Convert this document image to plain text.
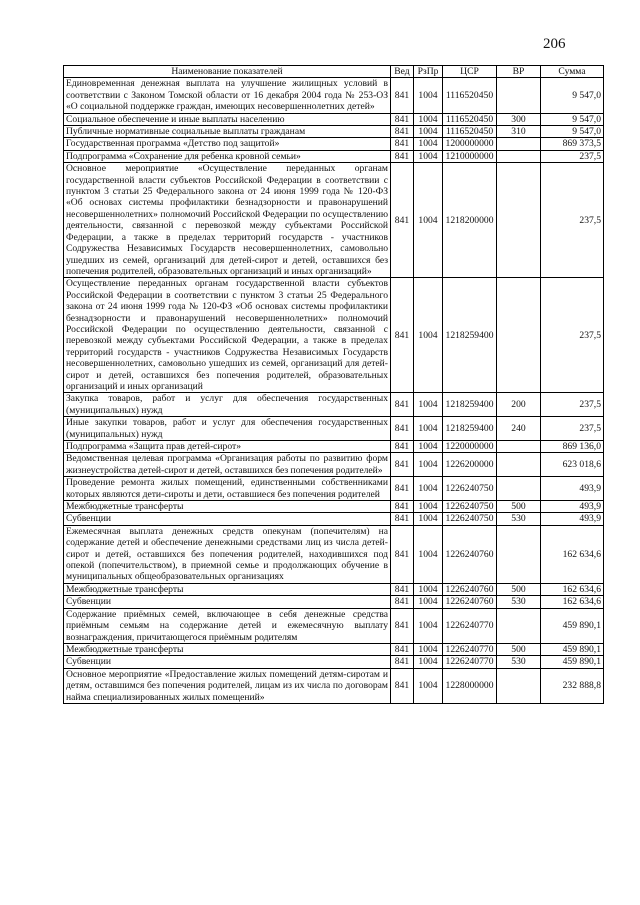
206
Наименование показателей	Вед	РзПр	ЦСР	ВР	Сумма
Единовременная денежная выплата на улучшение жилищных условий в соответствии с Законом Томской области от 16 декабря 2004 года № 253-ОЗ «О социальной поддержке граждан, имеющих несовершеннолетних детей»	841	1004	1116520450		9 547,0
Социальное обеспечение и иные выплаты населению	841	1004	1116520450	300	9 547,0
Публичные нормативные социальные выплаты гражданам	841	1004	1116520450	310	9 547,0
Государственная программа «Детство под защитой»	841	1004	1200000000		869 373,5
Подпрограмма «Сохранение для ребенка кровной семьи»	841	1004	1210000000		237,5
Основное мероприятие «Осуществление переданных органам государственной власти субъектов Российской Федерации в соответствии с пунктом 3 статьи 25 Федерального закона от 24 июня 1999 года № 120-ФЗ «Об основах системы профилактики безнадзорности и правонарушений несовершеннолетних» полномочий Российской Федерации по осуществлению деятельности, связанной с перевозкой между субъектами Российской Федерации, а также в пределах территорий государств - участников Содружества Независимых Государств несовершеннолетних, самовольно ушедших из семей, организаций для детей-сирот и детей, оставшихся без попечения родителей, образовательных организаций и иных организаций»	841	1004	1218200000		237,5
Осуществление переданных органам государственной власти субъектов Российской Федерации в соответствии с пунктом 3 статьи 25 Федерального закона от 24 июня 1999 года № 120-ФЗ «Об основах системы профилактики безнадзорности и правонарушений несовершеннолетних» полномочий Российской Федерации по осуществлению деятельности, связанной с перевозкой между субъектами Российской Федерации, а также в пределах территорий государств - участников Содружества Независимых Государств несовершеннолетних, самовольно ушедших из семей, организаций для детей-сирот и детей, оставшихся без попечения родителей, образовательных организаций и иных организаций	841	1004	1218259400		237,5
Закупка товаров, работ и услуг для обеспечения государственных (муниципальных) нужд	841	1004	1218259400	200	237,5
Иные закупки товаров, работ и услуг для обеспечения государственных (муниципальных) нужд	841	1004	1218259400	240	237,5
Подпрограмма «Защита прав детей-сирот»	841	1004	1220000000		869 136,0
Ведомственная целевая программа «Организация работы по развитию форм жизнеустройства детей-сирот и детей, оставшихся без попечения родителей»	841	1004	1226200000		623 018,6
Проведение ремонта жилых помещений, единственными собственниками которых являются дети-сироты и дети, оставшиеся без попечения родителей	841	1004	1226240750		493,9
Межбюджетные трансферты	841	1004	1226240750	500	493,9
Субвенции	841	1004	1226240750	530	493,9
Ежемесячная выплата денежных средств опекунам (попечителям) на содержание детей и обеспечение денежными средствами лиц из числа детей-сирот и детей, оставшихся без попечения родителей, находившихся под опекой (попечительством), в приемной семье и продолжающих обучение в муниципальных общеобразовательных организациях	841	1004	1226240760		162 634,6
Межбюджетные трансферты	841	1004	1226240760	500	162 634,6
Субвенции	841	1004	1226240760	530	162 634,6
Содержание приёмных семей, включающее в себя денежные средства приёмным семьям на содержание детей и ежемесячную выплату вознаграждения, причитающегося приёмным родителям	841	1004	1226240770		459 890,1
Межбюджетные трансферты	841	1004	1226240770	500	459 890,1
Субвенции	841	1004	1226240770	530	459 890,1
Основное мероприятие «Предоставление жилых помещений детям-сиротам и детям, оставшимся без попечения родителей, лицам из их числа по договорам найма специализированных жилых помещений»	841	1004	1228000000		232 888,8
